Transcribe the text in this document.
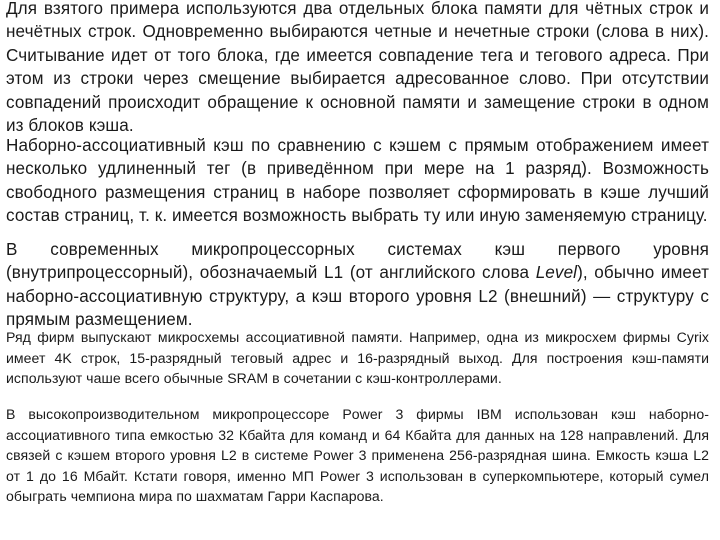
Для взятого примера используются два отдельных блока памяти для чётных строк и нечётных строк. Одновременно выбираются четные и нечетные строки (слова в них). Считывание идет от того блока, где имеется совпадение тега и тегового адреса. При этом из строки через смещение выбирается адресованное слово. При отсутствии совпадений происходит обращение к основной памяти и замещение строки в одном из блоков кэша.

Наборно-ассоциативный кэш по сравнению с кэшем с прямым отображением имеет несколько удлиненный тег (в приведённом при мере на 1 разряд). Возможность свободного размещения страниц в наборе позволяет сформировать в кэше лучший состав страниц, т. к. имеется возможность выбрать ту или иную заменяемую страницу.

В современных микропроцессорных системах кэш первого уровня (внутрипроцессорный), обозначаемый L1 (от английского слова Level), обычно имеет наборно-ассоциативную структуру, а кэш второго уровня L2 (внешний) — структуру с прямым размещением.

Ряд фирм выпускают микросхемы ассоциативной памяти. Например, одна из микросхем фирмы Cyrix имеет 4K строк, 15-разрядный теговый адрес и 16-разрядный выход. Для построения кэш-памяти используют чаше всего обычные SRAM в сочетании с кэш-контроллерами.

В высокопроизводительном микропроцессоре Power 3 фирмы IBM использован кэш наборно-ассоциативного типа емкостью 32 Кбайта для команд и 64 Кбайта для данных на 128 направлений. Для связей с кэшем второго уровня L2 в системе Power 3 применена 256-разрядная шина. Емкость кэша L2 от 1 до 16 Мбайт. Кстати говоря, именно МП Power 3 использован в суперкомпьютере, который сумел обыграть чемпиона мира по шахматам Гарри Каспарова.
